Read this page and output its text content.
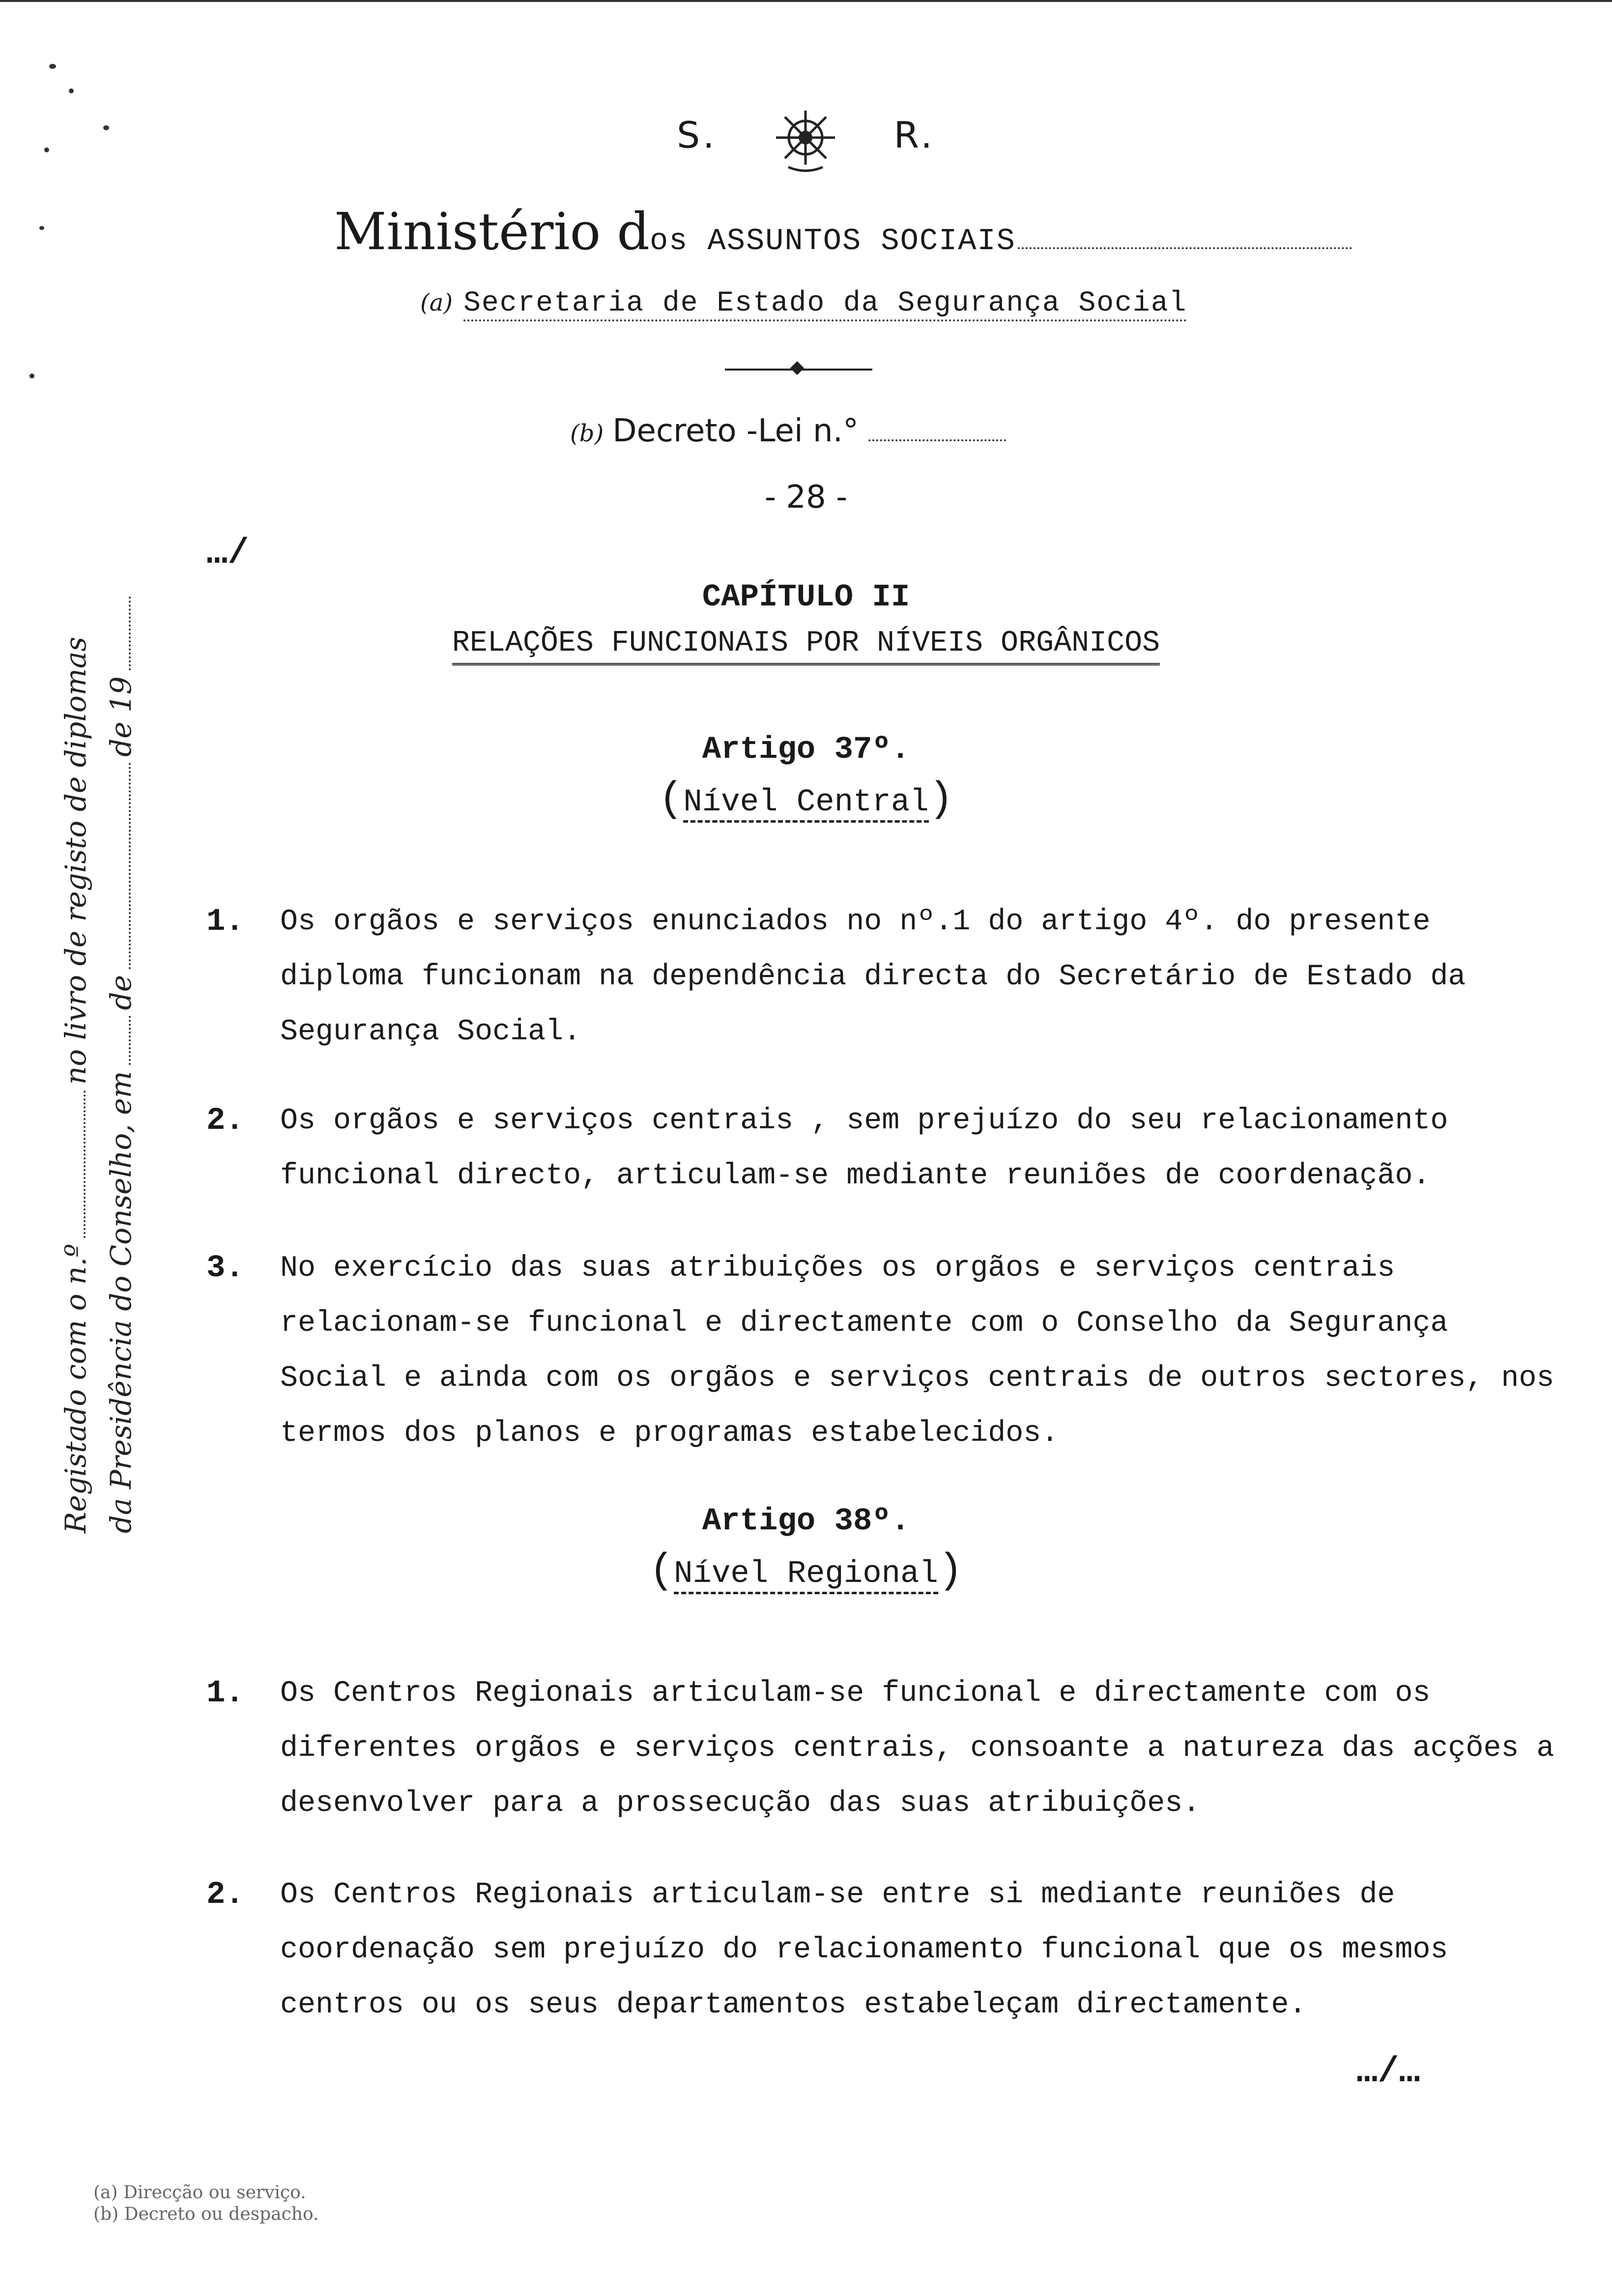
S.	R.
Ministério dos ASSUNTOS SOCIAIS
(a) Secretaria de Estado da Segurança Social
(b) Decreto -Lei n.°
- 28 -
…/
CAPÍTULO II
RELAÇÕES FUNCIONAIS POR NÍVEIS ORGÂNICOS
Artigo 37º.
(Nível Central)
1. Os orgãos e serviços enunciados no nº.1 do artigo 4º. do presente diploma funcionam na dependência directa do Secretário de Estado da Segurança Social.
2. Os orgãos e serviços centrais , sem prejuízo do seu relacionamento funcional directo, articulam-se mediante reuniões de coordenação.
3. No exercício das suas atribuições os orgãos e serviços centrais relacionam-se funcional e directamente com o Conselho da Segurança Social e ainda com os orgãos e serviços centrais de outros sectores, nos termos dos planos e programas estabelecidos.
Artigo 38º.
(Nível Regional)
1. Os Centros Regionais articulam-se funcional e directamente com os diferentes orgãos e serviços centrais, consoante a natureza das acções a desenvolver para a prossecução das suas atribuições.
2. Os Centros Regionais articulam-se entre si mediante reuniões de coordenação sem prejuízo do relacionamento funcional que os mesmos centros ou os seus departamentos estabeleçam directamente.
…/…
Registado com o n.ºno livro de registo de diplomas
da Presidência do Conselho, emdede 19
(a) Direcção ou serviço.
(b) Decreto ou despacho.
